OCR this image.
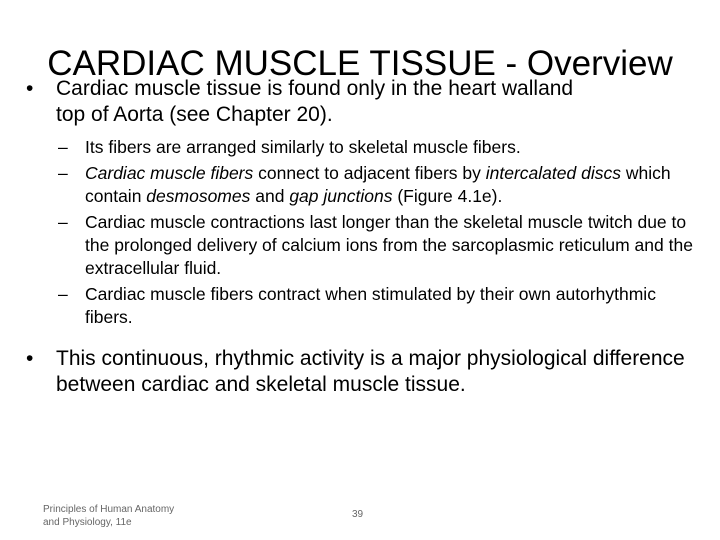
CARDIAC MUSCLE TISSUE - Overview
• Cardiac muscle tissue is found only in the heart walland
top of Aorta (see Chapter 20).
– Its fibers are arranged similarly to skeletal muscle fibers.
– Cardiac muscle fibers connect to adjacent fibers by intercalated discs which contain desmosomes and gap junctions (Figure 4.1e).
– Cardiac muscle contractions last longer than the skeletal muscle twitch due to the prolonged delivery of calcium ions from the sarcoplasmic reticulum and the extracellular fluid.
– Cardiac muscle fibers contract when stimulated by their own autorhythmic fibers.
• This continuous, rhythmic activity is a major physiological difference between cardiac and skeletal muscle tissue.
Principles of Human Anatomy
and Physiology, 11e
39
